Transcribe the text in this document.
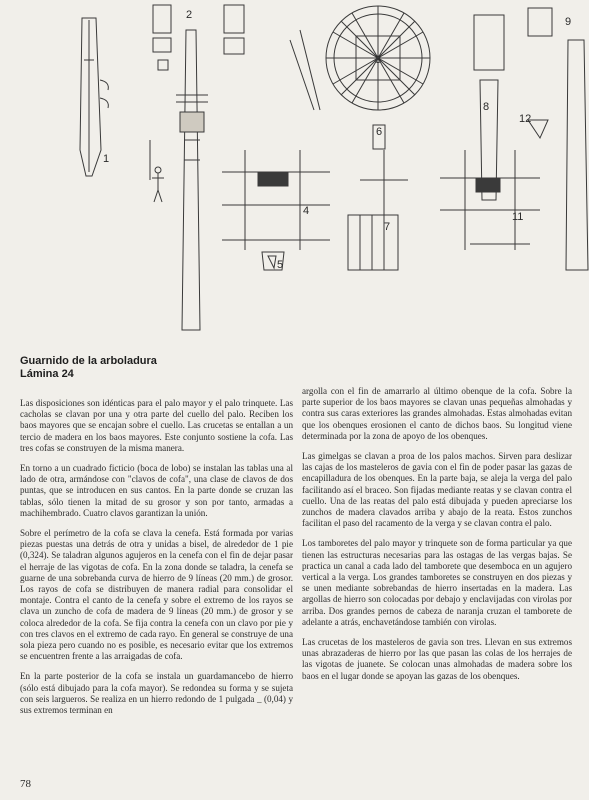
1
2
3
4
5
6
7
8
9
11
12
Guarnido de la arboladura
Lámina 24

Las disposiciones son idénticas para el palo mayor y el palo trinquete. Las cacholas se clavan por una y otra parte del cuello del palo. Reciben los baos mayores que se encajan sobre el cuello. Las crucetas se entallan a un tercio de madera en los baos mayores. Este conjunto sostiene la cofa. Las tres cofas se construyen de la misma manera.

En torno a un cuadrado ficticio (boca de lobo) se instalan las tablas una al lado de otra, armándose con "clavos de cofa", una clase de clavos de dos puntas, que se introducen en sus cantos. En la parte donde se cruzan las tablas, sólo tienen la mitad de su grosor y son por tanto, armadas a machihembrado. Cuatro clavos garantizan la unión.

Sobre el perímetro de la cofa se clava la cenefa. Está formada por varias piezas puestas una detrás de otra y unidas a bisel, de alrededor de 1 pie (0,324). Se taladran algunos agujeros en la cenefa con el fin de dejar pasar el herraje de las vigotas de cofa. En la zona donde se taladra, la cenefa se guarne de una sobrebanda curva de hierro de 9 líneas (20 mm.) de grosor. Los rayos de cofa se distribuyen de manera radial para consolidar el montaje. Contra el canto de la cenefa y sobre el extremo de los rayos se clava un zuncho de cofa de madera de 9 líneas (20 mm.) de grosor y se coloca alrededor de la cofa. Se fija contra la cenefa con un clavo por pie y con tres clavos en el extremo de cada rayo. En general se construye de una sola pieza pero cuando no es posible, es necesario evitar que los extremos se encuentren frente a las arraigadas de cofa.

En la parte posterior de la cofa se instala un guardamancebo de hierro (sólo está dibujado para la cofa mayor). Se redondea su forma y se sujeta con seis largueros. Se realiza en un hierro redondo de 1 pulgada _ (0,04) y sus extremos terminan en

argolla con el fin de amarrarlo al último obenque de la cofa. Sobre la parte superior de los baos mayores se clavan unas pequeñas almohadas y contra sus caras exteriores las grandes almohadas. Estas almohadas evitan que los obenques erosionen el canto de dichos baos. Su longitud viene determinada por la zona de apoyo de los obenques.

Las gimelgas se clavan a proa de los palos machos. Sirven para deslizar las cajas de los masteleros de gavia con el fin de poder pasar las gazas de encapilladura de los obenques. En la parte baja, se aleja la verga del palo facilitando así el braceo. Son fijadas mediante reatas y se clavan contra el cuello. Una de las reatas del palo está dibujada y pueden apreciarse los zunchos de madera clavados arriba y abajo de la reata. Estos zunchos facilitan el paso del racamento de la verga y se clavan contra el palo.

Los tamboretes del palo mayor y trinquete son de forma particular ya que tienen las estructuras necesarias para las ostagas de las vergas bajas. Se practica un canal a cada lado del tamborete que desemboca en un agujero vertical a la verga. Los grandes tamboretes se construyen en dos piezas y se unen mediante sobrebandas de hierro insertadas en la madera. Las argollas de hierro son colocadas por debajo y enclavijadas con virolas por arriba. Dos grandes pernos de cabeza de naranja cruzan el tamborete de adelante a atrás, enchavetándose también con virolas.

Las crucetas de los masteleros de gavia son tres. Llevan en sus extremos unas abrazaderas de hierro por las que pasan las colas de los herrajes de las vigotas de juanete. Se colocan unas almohadas de madera sobre los baos en el lugar donde se apoyan las gazas de los obenques.

78
